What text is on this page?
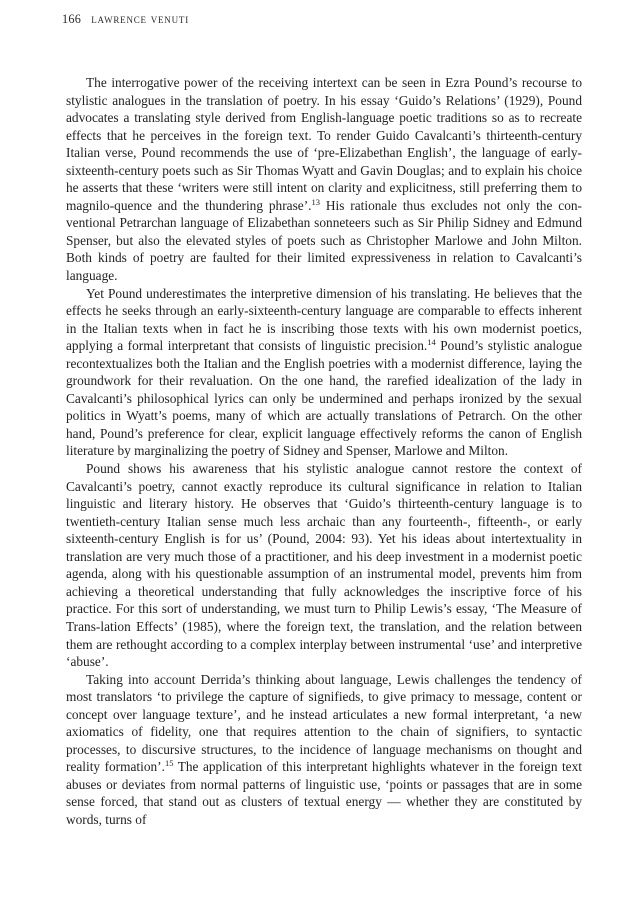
166 lawrence venuti

The interrogative power of the receiving intertext can be seen in Ezra Pound’s recourse to stylistic analogues in the translation of poetry. In his essay ‘Guido’s Relations’ (1929), Pound advocates a translating style derived from English-language poetic traditions so as to recreate effects that he perceives in the foreign text. To render Guido Cavalcanti’s thirteenth-century Italian verse, Pound recommends the use of ‘pre-Elizabethan English’, the language of early-sixteenth-century poets such as Sir Thomas Wyatt and Gavin Douglas; and to explain his choice he asserts that these ‘writers were still intent on clarity and explicitness, still preferring them to magnilo-quence and the thundering phrase’.$^{13}$ His rationale thus excludes not only the con-ventional Petrarchan language of Elizabethan sonneteers such as Sir Philip Sidney and Edmund Spenser, but also the elevated styles of poets such as Christopher Marlowe and John Milton. Both kinds of poetry are faulted for their limited expressiveness in relation to Cavalcanti’s language.

Yet Pound underestimates the interpretive dimension of his translating. He believes that the effects he seeks through an early-sixteenth-century language are comparable to effects inherent in the Italian texts when in fact he is inscribing those texts with his own modernist poetics, applying a formal interpretant that consists of linguistic precision.$^{14}$ Pound’s stylistic analogue recontextualizes both the Italian and the English poetries with a modernist difference, laying the groundwork for their revaluation. On the one hand, the rarefied idealization of the lady in Cavalcanti’s philosophical lyrics can only be undermined and perhaps ironized by the sexual politics in Wyatt’s poems, many of which are actually translations of Petrarch. On the other hand, Pound’s preference for clear, explicit language effectively reforms the canon of English literature by marginalizing the poetry of Sidney and Spenser, Marlowe and Milton.

Pound shows his awareness that his stylistic analogue cannot restore the context of Cavalcanti’s poetry, cannot exactly reproduce its cultural significance in relation to Italian linguistic and literary history. He observes that ‘Guido’s thirteenth-century language is to twentieth-century Italian sense much less archaic than any fourteenth-, fifteenth-, or early sixteenth-century English is for us’ (Pound, 2004: 93). Yet his ideas about intertextuality in translation are very much those of a practitioner, and his deep investment in a modernist poetic agenda, along with his questionable assumption of an instrumental model, prevents him from achieving a theoretical understanding that fully acknowledges the inscriptive force of his practice. For this sort of understanding, we must turn to Philip Lewis’s essay, ‘The Measure of Trans-lation Effects’ (1985), where the foreign text, the translation, and the relation between them are rethought according to a complex interplay between instrumental ‘use’ and interpretive ‘abuse’.

Taking into account Derrida’s thinking about language, Lewis challenges the tendency of most translators ‘to privilege the capture of signifieds, to give primacy to message, content or concept over language texture’, and he instead articulates a new formal interpretant, ‘a new axiomatics of fidelity, one that requires attention to the chain of signifiers, to syntactic processes, to discursive structures, to the incidence of language mechanisms on thought and reality formation’.$^{15}$ The application of this interpretant highlights whatever in the foreign text abuses or deviates from normal patterns of linguistic use, ‘points or passages that are in some sense forced, that stand out as clusters of textual energy — whether they are constituted by words, turns of
